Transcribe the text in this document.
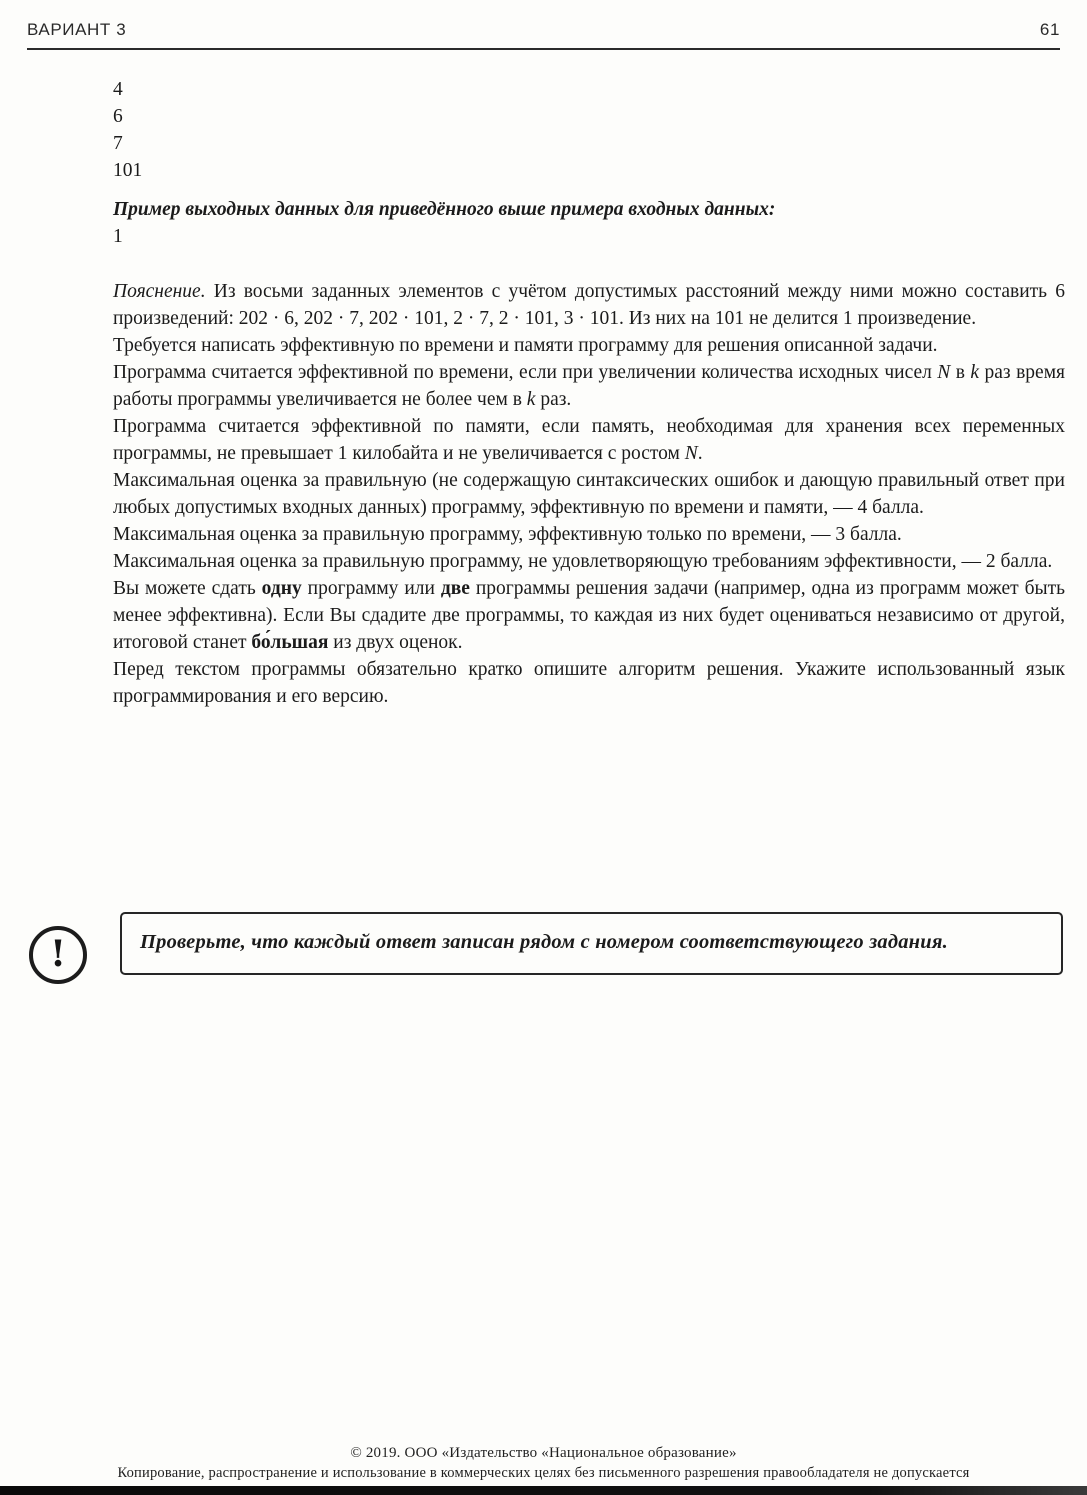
ВАРИАНТ 3	61

4

6

7

101

Пример выходных данных для приведённого выше примера входных данных:

1

Пояснение. Из восьми заданных элементов с учётом допустимых расстояний между ними можно составить 6 произведений: 202 · 6, 202 · 7, 202 · 101, 2 · 7, 2 · 101, 3 · 101. Из них на 101 не делится 1 произведение.

Требуется написать эффективную по времени и памяти программу для решения описанной задачи.

Программа считается эффективной по времени, если при увеличении количества исходных чисел N в k раз время работы программы увеличивается не более чем в k раз.

Программа считается эффективной по памяти, если память, необходимая для хранения всех переменных программы, не превышает 1 килобайта и не увеличивается с ростом N.

Максимальная оценка за правильную (не содержащую синтаксических ошибок и дающую правильный ответ при любых допустимых входных данных) программу, эффективную по времени и памяти, — 4 балла.

Максимальная оценка за правильную программу, эффективную только по времени, — 3 балла.

Максимальная оценка за правильную программу, не удовлетворяющую требованиям эффективности, — 2 балла.

Вы можете сдать одну программу или две программы решения задачи (например, одна из программ может быть менее эффективна). Если Вы сдадите две программы, то каждая из них будет оцениваться независимо от другой, итоговой станет бо́льшая из двух оценок.

Перед текстом программы обязательно кратко опишите алгоритм решения. Укажите использованный язык программирования и его версию.

!	Проверьте, что каждый ответ записан рядом с номером соответствующего задания.

© 2019. ООО «Издательство «Национальное образование»
Копирование, распространение и использование в коммерческих целях без письменного разрешения правообладателя не допускается
